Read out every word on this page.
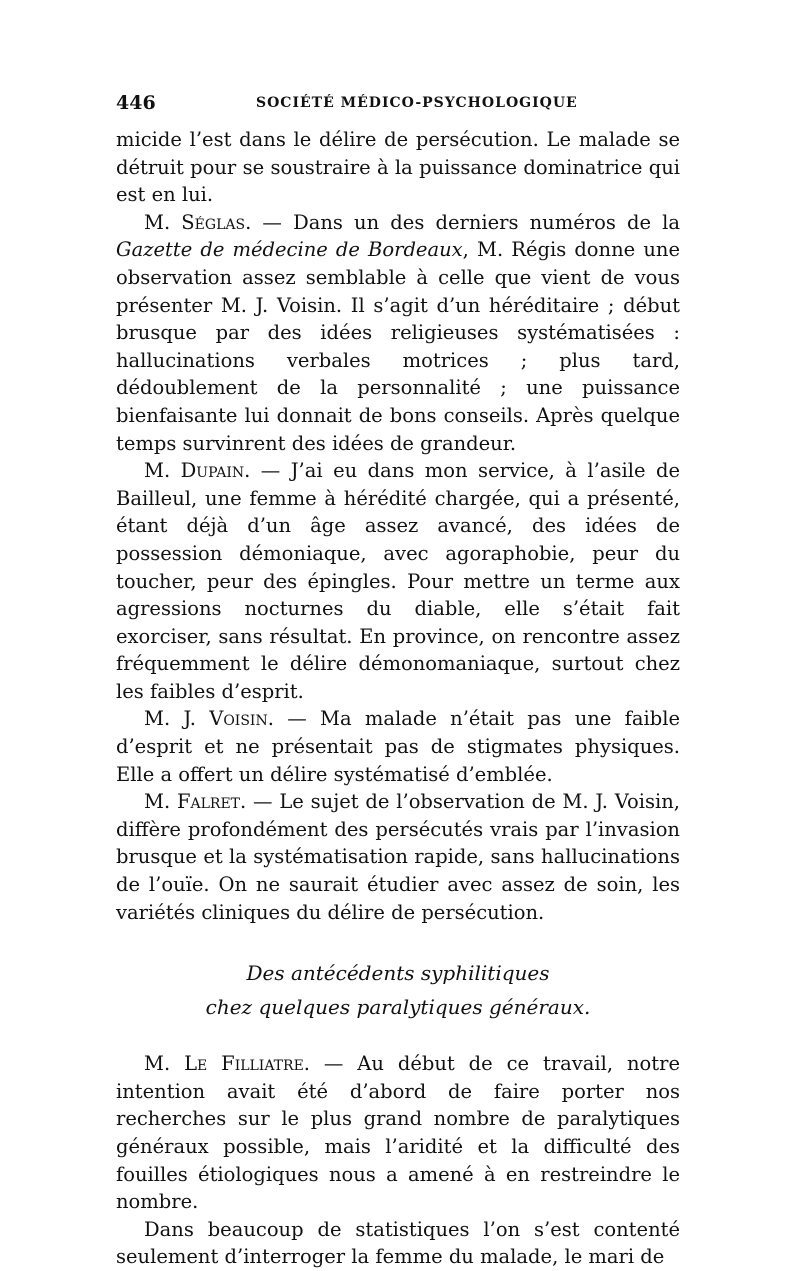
446	SOCIÉTÉ MÉDICO-PSYCHOLOGIQUE

micide l’est dans le délire de persécution. Le malade se détruit pour se soustraire à la puissance dominatrice qui est en lui.

M. Séglas. — Dans un des derniers numéros de la Gazette de médecine de Bordeaux, M. Régis donne une observation assez semblable à celle que vient de vous présenter M. J. Voisin. Il s’agit d’un héréditaire ; début brusque par des idées religieuses systématisées : hallucinations verbales motrices ; plus tard, dédoublement de la personnalité ; une puissance bienfaisante lui donnait de bons conseils. Après quelque temps survinrent des idées de grandeur.

M. Dupain. — J’ai eu dans mon service, à l’asile de Bailleul, une femme à hérédité chargée, qui a présenté, étant déjà d’un âge assez avancé, des idées de possession démoniaque, avec agoraphobie, peur du toucher, peur des épingles. Pour mettre un terme aux agressions nocturnes du diable, elle s’était fait exorciser, sans résultat. En province, on rencontre assez fréquemment le délire démonomaniaque, surtout chez les faibles d’esprit.

M. J. Voisin. — Ma malade n’était pas une faible d’esprit et ne présentait pas de stigmates physiques. Elle a offert un délire systématisé d’emblée.

M. Falret. — Le sujet de l’observation de M. J. Voisin, diffère profondément des persécutés vrais par l’invasion brusque et la systématisation rapide, sans hallucinations de l’ouïe. On ne saurait étudier avec assez de soin, les variétés cliniques du délire de persécution.

Des antécédents syphilitiques
chez quelques paralytiques généraux.

M. Le Filliatre. — Au début de ce travail, notre intention avait été d’abord de faire porter nos recherches sur le plus grand nombre de paralytiques généraux possible, mais l’aridité et la difficulté des fouilles étiologiques nous a amené à en restreindre le nombre.

Dans beaucoup de statistiques l’on s’est contenté seulement d’interroger la femme du malade, le mari de
